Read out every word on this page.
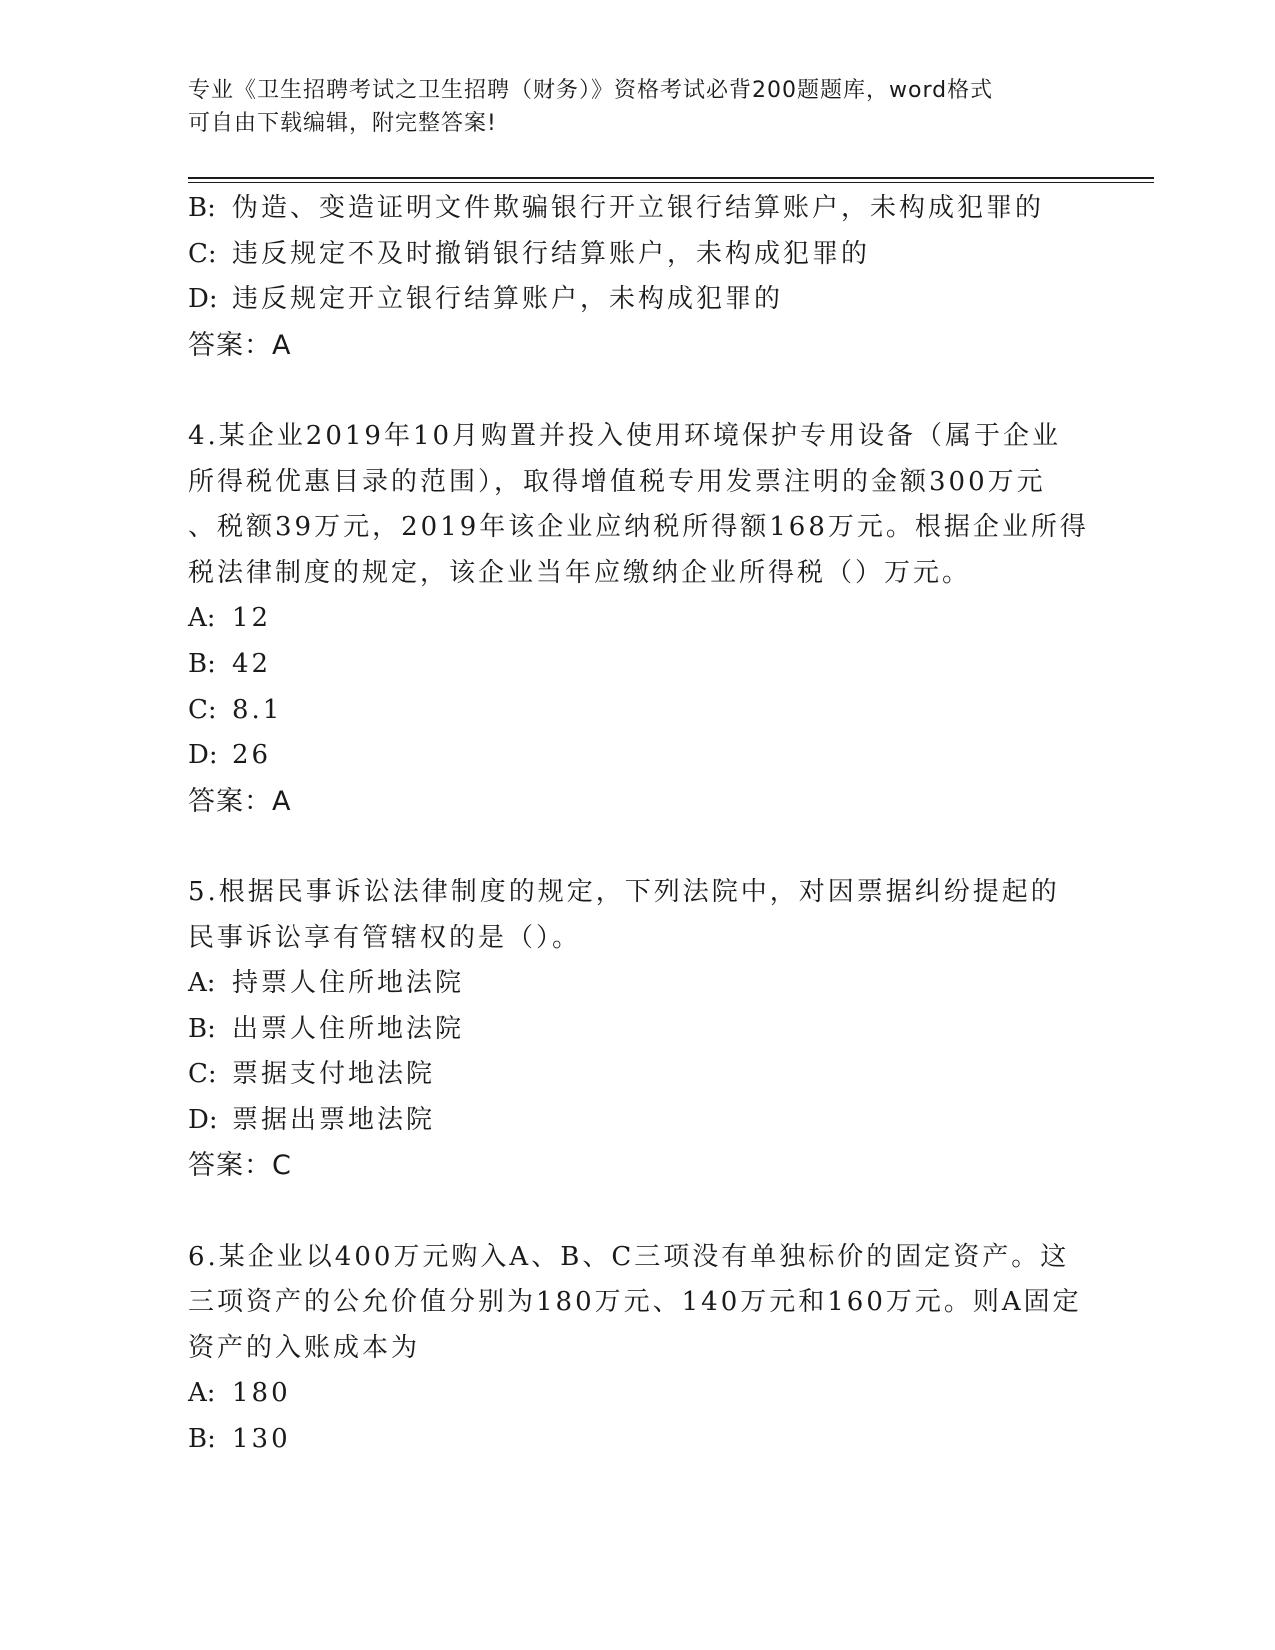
专业《卫生招聘考试之卫生招聘（财务）》资格考试必背200题题库，word格式
可自由下载编辑，附完整答案!
B: 伪造、变造证明文件欺骗银行开立银行结算账户，未构成犯罪的
C: 违反规定不及时撤销银行结算账户，未构成犯罪的
D: 违反规定开立银行结算账户，未构成犯罪的
答案：A
4.某企业2019年10月购置并投入使用环境保护专用设备（属于企业
所得税优惠目录的范围），取得增值税专用发票注明的金额300万元
、税额39万元，2019年该企业应纳税所得额168万元。根据企业所得
税法律制度的规定，该企业当年应缴纳企业所得税（）万元。
A: 12
B: 42
C: 8.1
D: 26
答案：A
5.根据民事诉讼法律制度的规定，下列法院中，对因票据纠纷提起的
民事诉讼享有管辖权的是（）。
A: 持票人住所地法院
B: 出票人住所地法院
C: 票据支付地法院
D: 票据出票地法院
答案：C
6.某企业以400万元购入A、B、C三项没有单独标价的固定资产。这
三项资产的公允价值分别为180万元、140万元和160万元。则A固定
资产的入账成本为
A: 180
B: 130
